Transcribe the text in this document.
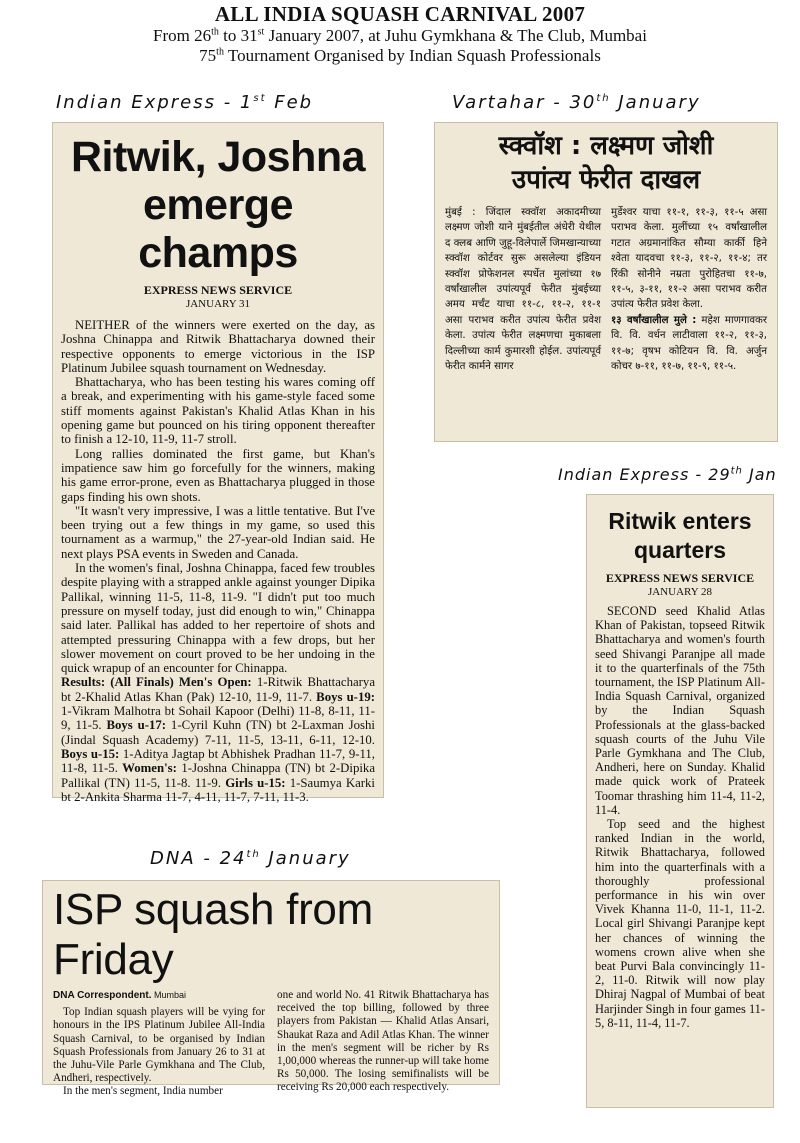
ALL INDIA SQUASH CARNIVAL 2007
From 26th to 31st January 2007, at Juhu Gymkhana & The Club, Mumbai
75th Tournament Organised by Indian Squash Professionals
Indian Express - 1st Feb	Vartahar - 30th January
Indian Express - 29th Jan
DNA - 24th January
Ritwik, Joshna emerge champs
EXPRESS NEWS SERVICE
JANUARY 31

NEITHER of the winners were exerted on the day, as Joshna Chinappa and Ritwik Bhattacharya downed their respective opponents to emerge victorious in the ISP Platinum Jubilee squash tournament on Wednesday.

Bhattacharya, who has been testing his wares coming off a break, and experimenting with his game-style faced some stiff moments against Pakistan's Khalid Atlas Khan in his opening game but pounced on his tiring opponent thereafter to finish a 12-10, 11-9, 11-7 stroll.

Long rallies dominated the first game, but Khan's impatience saw him go forcefully for the winners, making his game error-prone, even as Bhattacharya plugged in those gaps finding his own shots.

"It wasn't very impressive, I was a little tentative. But I've been trying out a few things in my game, so used this tournament as a warmup," the 27-year-old Indian said. He next plays PSA events in Sweden and Canada.

In the women's final, Joshna Chinappa, faced few troubles despite playing with a strapped ankle against younger Dipika Pallikal, winning 11-5, 11-8, 11-9. "I didn't put too much pressure on myself today, just did enough to win," Chinappa said later. Pallikal has added to her repertoire of shots and attempted pressuring Chinappa with a few drops, but her slower movement on court proved to be her undoing in the quick wrapup of an encounter for Chinappa.

Results: (All Finals) Men's Open: 1-Ritwik Bhattacharya bt 2-Khalid Atlas Khan (Pak) 12-10, 11-9, 11-7. Boys u-19: 1-Vikram Malhotra bt Sohail Kapoor (Delhi) 11-8, 8-11, 11-9, 11-5. Boys u-17: 1-Cyril Kuhn (TN) bt 2-Laxman Joshi (Jindal Squash Academy) 7-11, 11-5, 13-11, 6-11, 12-10. Boys u-15: 1-Aditya Jagtap bt Abhishek Pradhan 11-7, 9-11, 11-8, 11-5. Women's: 1-Joshna Chinappa (TN) bt 2-Dipika Pallikal (TN) 11-5, 11-8. 11-9. Girls u-15: 1-Saumya Karki bt 2-Ankita Sharma 11-7, 4-11, 11-7, 7-11, 11-3.

स्क्वॉश : लक्ष्मण जोशी
उपांत्य फेरीत दाखल
मुंबई : जिंदाल स्क्वॉश अकादमीच्या लक्ष्मण जोशी याने मुंबईतील अंधेरी येथील द क्लब आणि जुहू-विलेपार्ले जिमखान्याच्या स्क्वॉश कोर्टवर सुरू असलेल्या इंडियन स्क्वॉश प्रोफेशनल स्पर्धेत मुलांच्या १७ वर्षांखालील उपांत्यपूर्व फेरीत मुंबईच्या अमय मर्चंट याचा ११-८, ११-२, ११-१ असा पराभव करीत उपांत्य फेरीत प्रवेश केला. उपांत्य फेरीत लक्ष्मणचा मुकाबला दिल्लीच्या कार्म कुमारशी होईल. उपांत्यपूर्व फेरीत कार्मने सागर
मुर्डेश्वर याचा ११-१, ११-३, ११-५ असा पराभव केला. मुलींच्या १५ वर्षांखालील गटात अग्रमानांकित सौम्या कार्की हिने श्वेता यादवचा ११-३, ११-२, ११-४; तर रिंकी सोनीने नम्रता पुरोहितचा ११-७, ११-५, ३-११, ११-२ असा पराभव करीत उपांत्य फेरीत प्रवेश केला.
१३ वर्षांखालील मुले : महेश माणगावकर वि. वि. वर्धन लाटीवाला ११-२, ११-३, ११-७; वृषभ कोटियन वि. वि. अर्जुन कोचर ७-११, ११-७, ११-९, ११-५.
Ritwik enters quarters
EXPRESS NEWS SERVICE
JANUARY 28

SECOND seed Khalid Atlas Khan of Pakistan, topseed Ritwik Bhattacharya and women's fourth seed Shivangi Paranjpe all made it to the quarterfinals of the 75th tournament, the ISP Platinum All-India Squash Carnival, organized by the Indian Squash Professionals at the glass-backed squash courts of the Juhu Vile Parle Gymkhana and The Club, Andheri, here on Sunday. Khalid made quick work of Prateek Toomar thrashing him 11-4, 11-2, 11-4.

Top seed and the highest ranked Indian in the world, Ritwik Bhattacharya, followed him into the quarterfinals with a thoroughly professional performance in his win over Vivek Khanna 11-0, 11-1, 11-2. Local girl Shivangi Paranjpe kept her chances of winning the womens crown alive when she beat Purvi Bala convincingly 11-2, 11-0. Ritwik will now play Dhiraj Nagpal of Mumbai of beat Harjinder Singh in four games 11-5, 8-11, 11-4, 11-7.

ISP squash from Friday
DNA Correspondent. Mumbai
Top Indian squash players will be vying for honours in the IPS Platinum Jubilee All-India Squash Carnival, to be organised by Indian Squash Professionals from January 26 to 31 at the Juhu-Vile Parle Gymkhana and The Club, Andheri, respectively.
In the men's segment, India number
one and world No. 41 Ritwik Bhattacharya has received the top billing, followed by three players from Pakistan — Khalid Atlas Ansari, Shaukat Raza and Adil Atlas Khan. The winner in the men's segment will be richer by Rs 1,00,000 whereas the runner-up will take home Rs 50,000. The losing semifinalists will be receiving Rs 20,000 each respectively.
